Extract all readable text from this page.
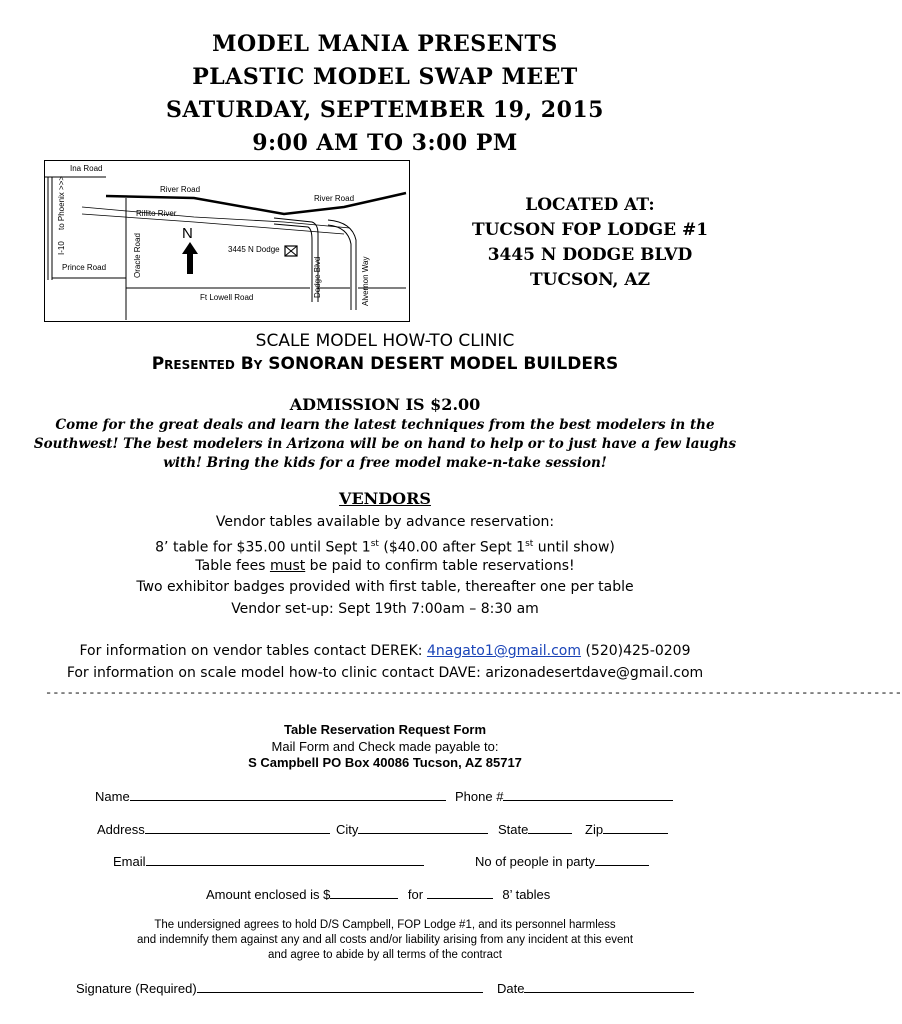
MODEL MANIA PRESENTS
PLASTIC MODEL SWAP MEET
SATURDAY, SEPTEMBER 19, 2015
9:00 AM TO 3:00 PM
Ina Road
I-10
to Phoenix >>>
Prince Road	Oracle Road
River Road
River Road
Rillito River
Dodge Blvd	Alvernon Way
Ft Lowell Road
N
3445 N Dodge
LOCATED AT:
TUCSON FOP LODGE #1
3445 N DODGE BLVD
TUCSON, AZ
SCALE MODEL HOW-TO CLINIC
Presented By SONORAN DESERT MODEL BUILDERS
ADMISSION IS $2.00
Come for the great deals and learn the latest techniques from the best modelers in the Southwest! The best modelers in Arizona will be on hand to help or to just have a few laughs with! Bring the kids for a free model make-n-take session!
VENDORS
Vendor tables available by advance reservation:
8’ table for $35.00 until Sept 1st ($40.00 after Sept 1st until show)
Table fees must be paid to confirm table reservations!
Two exhibitor badges provided with first table, thereafter one per table
Vendor set-up: Sept 19th 7:00am – 8:30 am
For information on vendor tables contact DEREK: 4nagato1@gmail.com (520)425-0209
For information on scale model how-to clinic contact DAVE: arizonadesertdave@gmail.com
-----------------------------------------------------------------------------------------------------------------------
Table Reservation Request Form
Mail Form and Check made payable to:
S Campbell PO Box 40086 Tucson, AZ 85717
Name	Phone #
Address	City	State	Zip
Email	No of people in party
Amount enclosed is $	for	8’ tables
The undersigned agrees to hold D/S Campbell, FOP Lodge #1, and its personnel harmless
and indemnify them against any and all costs and/or liability arising from any incident at this event
and agree to abide by all terms of the contract
Signature (Required)	Date
